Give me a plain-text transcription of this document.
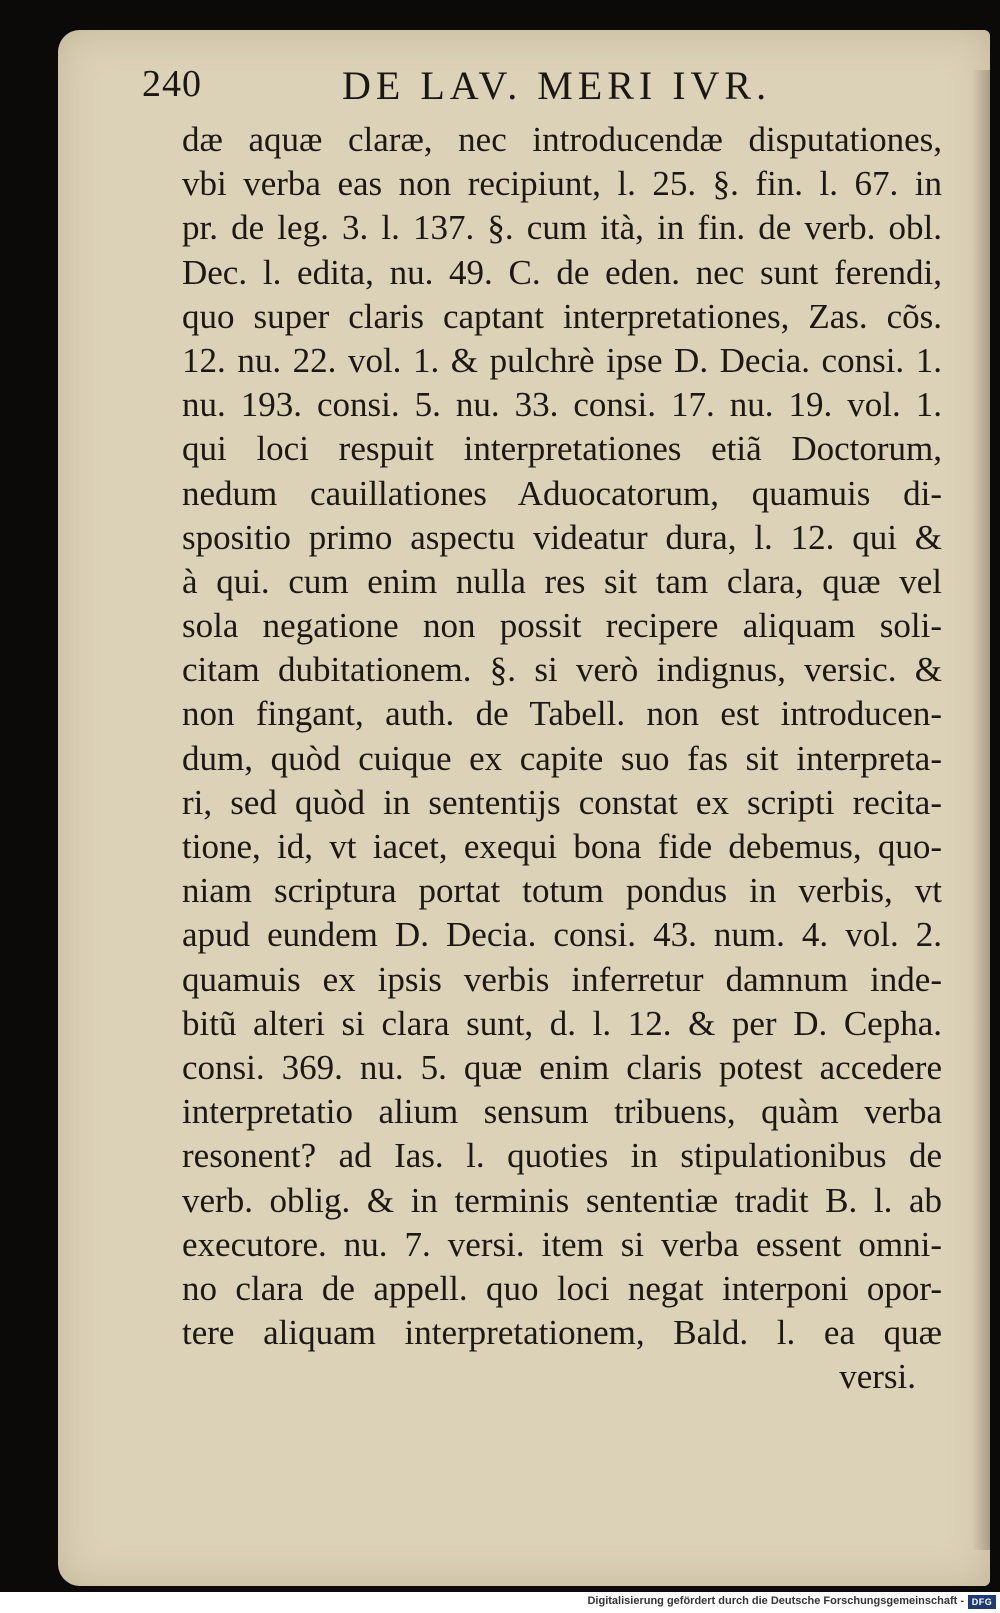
240	DE LAV. MERI IVR.
dæ aquæ claræ, nec introducendæ disputationes,
vbi verba eas non recipiunt, l. 25. §. fin. l. 67. in
pr. de leg. 3. l. 137. §. cum ità, in fin. de verb. obl.
Dec. l. edita, nu. 49. C. de eden. nec sunt ferendi,
quo super claris captant interpretationes, Zas. cõs.
12. nu. 22. vol. 1. & pulchrè ipse D. Decia. consi. 1.
nu. 193. consi. 5. nu. 33. consi. 17. nu. 19. vol. 1.
qui loci respuit interpretationes etiã Doctorum,
nedum cauillationes Aduocatorum, quamuis di-
spositio primo aspectu videatur dura, l. 12. qui &
à qui. cum enim nulla res sit tam clara, quæ vel
sola negatione non possit recipere aliquam soli-
citam dubitationem. §. si verò indignus, versic. &
non fingant, auth. de Tabell. non est introducen-
dum, quòd cuique ex capite suo fas sit interpreta-
ri, sed quòd in sententijs constat ex scripti recita-
tione, id, vt iacet, exequi bona fide debemus, quo-
niam scriptura portat totum pondus in verbis, vt
apud eundem D. Decia. consi. 43. num. 4. vol. 2.
quamuis ex ipsis verbis inferretur damnum inde-
bitũ alteri si clara sunt, d. l. 12. & per D. Cepha.
consi. 369. nu. 5. quæ enim claris potest accedere
interpretatio alium sensum tribuens, quàm verba
resonent? ad Ias. l. quoties in stipulationibus de
verb. oblig. & in terminis sententiæ tradit B. l. ab
executore. nu. 7. versi. item si verba essent omni-
no clara de appell. quo loci negat interponi opor-
tere aliquam interpretationem, Bald. l. ea quæ
versi.
Digitalisierung gefördert durch die Deutsche Forschungsgemeinschaft - DFG
